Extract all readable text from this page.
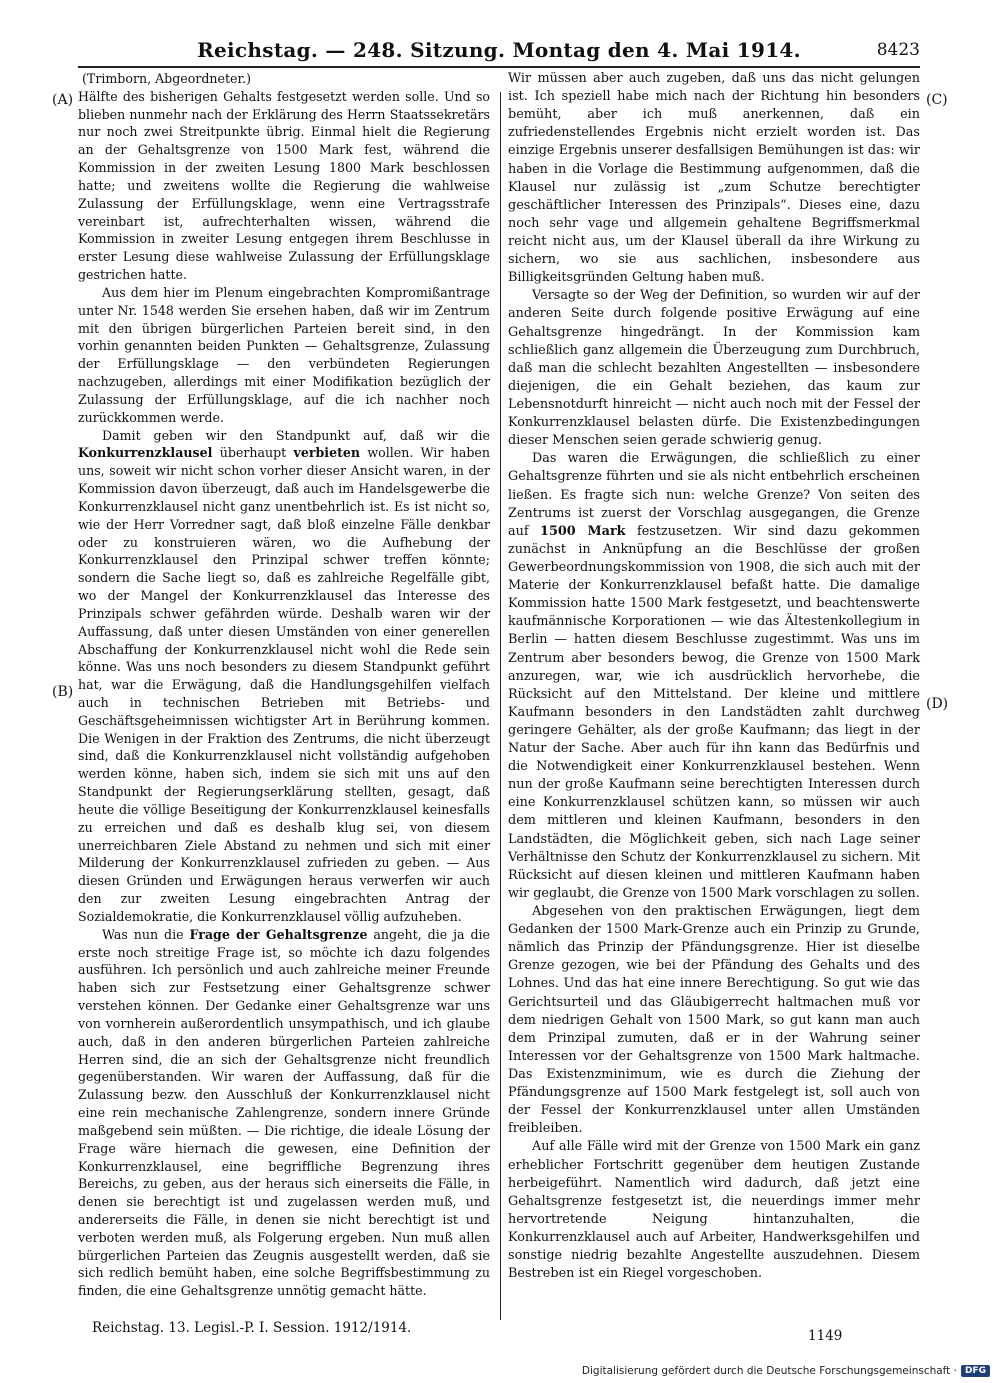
Reichstag. — 248. Sitzung. Montag den 4. Mai 1914.	8423
(A)
(B)
(C)
(D)

(Trimborn, Abgeordneter.)

Hälfte des bisherigen Gehalts festgesetzt werden solle. Und so blieben nunmehr nach der Erklärung des Herrn Staatssekretärs nur noch zwei Streitpunkte übrig. Einmal hielt die Regierung an der Gehaltsgrenze von 1500 Mark fest, während die Kommission in der zweiten Lesung 1800 Mark beschlossen hatte; und zweitens wollte die Regierung die wahlweise Zulassung der Erfüllungsklage, wenn eine Vertragsstrafe vereinbart ist, aufrechterhalten wissen, während die Kommission in zweiter Lesung entgegen ihrem Beschlusse in erster Lesung diese wahlweise Zulassung der Erfüllungsklage gestrichen hatte.

Aus dem hier im Plenum eingebrachten Kompromißantrage unter Nr. 1548 werden Sie ersehen haben, daß wir im Zentrum mit den übrigen bürgerlichen Parteien bereit sind, in den vorhin genannten beiden Punkten — Gehaltsgrenze, Zulassung der Erfüllungsklage — den verbündeten Regierungen nachzugeben, allerdings mit einer Modifikation bezüglich der Zulassung der Erfüllungsklage, auf die ich nachher noch zurückkommen werde.

Damit geben wir den Standpunkt auf, daß wir die Konkurrenzklausel überhaupt verbieten wollen. Wir haben uns, soweit wir nicht schon vorher dieser Ansicht waren, in der Kommission davon überzeugt, daß auch im Handelsgewerbe die Konkurrenzklausel nicht ganz unentbehrlich ist. Es ist nicht so, wie der Herr Vorredner sagt, daß bloß einzelne Fälle denkbar oder zu konstruieren wären, wo die Aufhebung der Konkurrenzklausel den Prinzipal schwer treffen könnte; sondern die Sache liegt so, daß es zahlreiche Regelfälle gibt, wo der Mangel der Konkurrenzklausel das Interesse des Prinzipals schwer gefährden würde. Deshalb waren wir der Auffassung, daß unter diesen Umständen von einer generellen Abschaffung der Konkurrenzklausel nicht wohl die Rede sein könne. Was uns noch besonders zu diesem Standpunkt geführt hat, war die Erwägung, daß die Handlungsgehilfen vielfach auch in technischen Betrieben mit Betriebs- und Geschäftsgeheimnissen wichtigster Art in Berührung kommen. Die Wenigen in der Fraktion des Zentrums, die nicht überzeugt sind, daß die Konkurrenzklausel nicht vollständig aufgehoben werden könne, haben sich, indem sie sich mit uns auf den Standpunkt der Regierungserklärung stellten, gesagt, daß heute die völlige Beseitigung der Konkurrenzklausel keinesfalls zu erreichen und daß es deshalb klug sei, von diesem unerreichbaren Ziele Abstand zu nehmen und sich mit einer Milderung der Konkurrenzklausel zufrieden zu geben. — Aus diesen Gründen und Erwägungen heraus verwerfen wir auch den zur zweiten Lesung eingebrachten Antrag der Sozialdemokratie, die Konkurrenzklausel völlig aufzuheben.

Was nun die Frage der Gehaltsgrenze angeht, die ja die erste noch streitige Frage ist, so möchte ich dazu folgendes ausführen. Ich persönlich und auch zahlreiche meiner Freunde haben sich zur Festsetzung einer Gehaltsgrenze schwer verstehen können. Der Gedanke einer Gehaltsgrenze war uns von vornherein außerordentlich unsympathisch, und ich glaube auch, daß in den anderen bürgerlichen Parteien zahlreiche Herren sind, die an sich der Gehaltsgrenze nicht freundlich gegenüberstanden. Wir waren der Auffassung, daß für die Zulassung bezw. den Ausschluß der Konkurrenzklausel nicht eine rein mechanische Zahlengrenze, sondern innere Gründe maßgebend sein müßten. — Die richtige, die ideale Lösung der Frage wäre hiernach die gewesen, eine Definition der Konkurrenzklausel, eine begriffliche Begrenzung ihres Bereichs, zu geben, aus der heraus sich einerseits die Fälle, in denen sie berechtigt ist und zugelassen werden muß, und andererseits die Fälle, in denen sie nicht berechtigt ist und verboten werden muß, als Folgerung ergeben. Nun muß allen bürgerlichen Parteien das Zeugnis ausgestellt werden, daß sie sich redlich bemüht haben, eine solche Begriffsbestimmung zu finden, die eine Gehaltsgrenze unnötig gemacht hätte.

Wir müssen aber auch zugeben, daß uns das nicht gelungen ist. Ich speziell habe mich nach der Richtung hin besonders bemüht, aber ich muß anerkennen, daß ein zufriedenstellendes Ergebnis nicht erzielt worden ist. Das einzige Ergebnis unserer desfallsigen Bemühungen ist das: wir haben in die Vorlage die Bestimmung aufgenommen, daß die Klausel nur zulässig ist „zum Schutze berechtigter geschäftlicher Interessen des Prinzipals“. Dieses eine, dazu noch sehr vage und allgemein gehaltene Begriffsmerkmal reicht nicht aus, um der Klausel überall da ihre Wirkung zu sichern, wo sie aus sachlichen, insbesondere aus Billigkeitsgründen Geltung haben muß.

Versagte so der Weg der Definition, so wurden wir auf der anderen Seite durch folgende positive Erwägung auf eine Gehaltsgrenze hingedrängt. In der Kommission kam schließlich ganz allgemein die Überzeugung zum Durchbruch, daß man die schlecht bezahlten Angestellten — insbesondere diejenigen, die ein Gehalt beziehen, das kaum zur Lebensnotdurft hinreicht — nicht auch noch mit der Fessel der Konkurrenzklausel belasten dürfe. Die Existenzbedingungen dieser Menschen seien gerade schwierig genug.

Das waren die Erwägungen, die schließlich zu einer Gehaltsgrenze führten und sie als nicht entbehrlich erscheinen ließen. Es fragte sich nun: welche Grenze? Von seiten des Zentrums ist zuerst der Vorschlag ausgegangen, die Grenze auf 1500 Mark festzusetzen. Wir sind dazu gekommen zunächst in Anknüpfung an die Beschlüsse der großen Gewerbeordnungskommission von 1908, die sich auch mit der Materie der Konkurrenzklausel befaßt hatte. Die damalige Kommission hatte 1500 Mark festgesetzt, und beachtenswerte kaufmännische Korporationen — wie das Ältestenkollegium in Berlin — hatten diesem Beschlusse zugestimmt. Was uns im Zentrum aber besonders bewog, die Grenze von 1500 Mark anzuregen, war, wie ich ausdrücklich hervorhebe, die Rücksicht auf den Mittelstand. Der kleine und mittlere Kaufmann besonders in den Landstädten zahlt durchweg geringere Gehälter, als der große Kaufmann; das liegt in der Natur der Sache. Aber auch für ihn kann das Bedürfnis und die Notwendigkeit einer Konkurrenzklausel bestehen. Wenn nun der große Kaufmann seine berechtigten Interessen durch eine Konkurrenzklausel schützen kann, so müssen wir auch dem mittleren und kleinen Kaufmann, besonders in den Landstädten, die Möglichkeit geben, sich nach Lage seiner Verhältnisse den Schutz der Konkurrenzklausel zu sichern. Mit Rücksicht auf diesen kleinen und mittleren Kaufmann haben wir geglaubt, die Grenze von 1500 Mark vorschlagen zu sollen.

Abgesehen von den praktischen Erwägungen, liegt dem Gedanken der 1500 Mark-Grenze auch ein Prinzip zu Grunde, nämlich das Prinzip der Pfändungsgrenze. Hier ist dieselbe Grenze gezogen, wie bei der Pfändung des Gehalts und des Lohnes. Und das hat eine innere Berechtigung. So gut wie das Gerichtsurteil und das Gläubigerrecht haltmachen muß vor dem niedrigen Gehalt von 1500 Mark, so gut kann man auch dem Prinzipal zumuten, daß er in der Wahrung seiner Interessen vor der Gehaltsgrenze von 1500 Mark haltmache. Das Existenzminimum, wie es durch die Ziehung der Pfändungsgrenze auf 1500 Mark festgelegt ist, soll auch von der Fessel der Konkurrenzklausel unter allen Umständen freibleiben.

Auf alle Fälle wird mit der Grenze von 1500 Mark ein ganz erheblicher Fortschritt gegenüber dem heutigen Zustande herbeigeführt. Namentlich wird dadurch, daß jetzt eine Gehaltsgrenze festgesetzt ist, die neuerdings immer mehr hervortretende Neigung hintanzuhalten, die Konkurrenzklausel auch auf Arbeiter, Handwerksgehilfen und sonstige niedrig bezahlte Angestellte auszudehnen. Diesem Bestreben ist ein Riegel vorgeschoben.

Reichstag. 13. Legisl.-P. I. Session. 1912/1914.	1149
Digitalisierung gefördert durch die Deutsche Forschungsgemeinschaft · DFG
